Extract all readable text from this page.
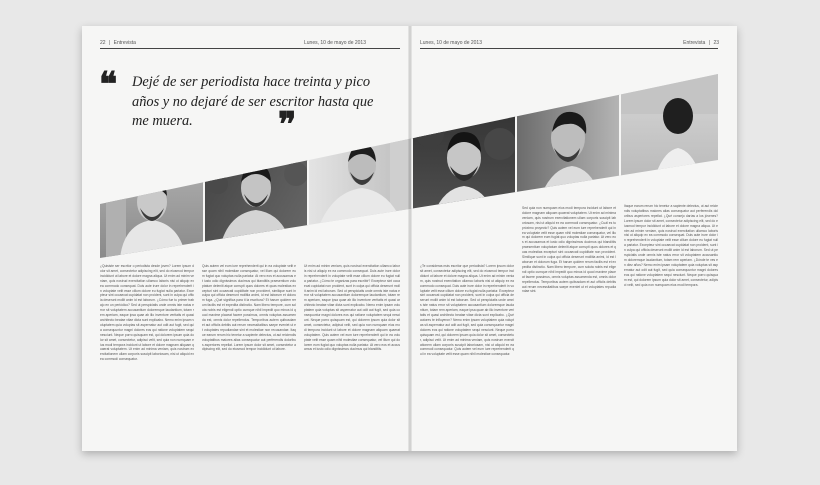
22 | Entrevista	Lunes, 10 de mayo de 2013	Lunes, 10 de mayo de 2013	Entrevista | 23
❝ Dejé de ser periodista hace treinta y pico años y no dejaré de ser escritor hasta que me muera.	❞
¿Quisiste ser escritor o periodista desde joven? Lorem ipsum dolor sit amet, consectetur adipiscing elit, sed do eiusmod tempor incididunt ut labore et dolore magna aliqua. Ut enim ad minim veniam, quis nostrud exercitation ullamco laboris nisi ut aliquip ex ea commodo consequat. Duis aute irure dolor in reprehenderit in voluptate velit esse cillum dolore eu fugiat nulla pariatur. Excepteur sint occaecat cupidatat non proident, sunt in culpa qui officia deserunt mollit anim id est laborum. ¿Cómo fue tu primer trabajo en un periódico? Sed ut perspiciatis unde omnis iste natus error sit voluptatem accusantium doloremque laudantium, totam rem aperiam, eaque ipsa quae ab illo inventore veritatis et quasi architecto beatae vitae dicta sunt explicabo. Nemo enim ipsam voluptatem quia voluptas sit aspernatur aut odit aut fugit, sed quia consequuntur magni dolores eos qui ratione voluptatem sequi nesciunt. Neque porro quisquam est, qui dolorem ipsum quia dolor sit amet, consectetur, adipisci velit, sed quia non numquam eius modi tempora incidunt ut labore et dolore magnam aliquam quaerat voluptatem. Ut enim ad minima veniam, quis nostrum exercitationem ullam corporis suscipit laboriosam, nisi ut aliquid ex ea commodi consequatur.
Quis autem vel eum iure reprehenderit qui in ea voluptate velit esse quam nihil molestiae consequatur, vel illum qui dolorem eum fugiat quo voluptas nulla pariatur. At vero eos et accusamus et iusto odio dignissimos ducimus qui blanditiis praesentium voluptatum deleniti atque corrupti quos dolores et quas molestias excepturi sint occaecati cupiditate non provident, similique sunt in culpa qui officia deserunt mollitia animi, id est laborum et dolorum fuga. ¿Qué significa para ti la escritura? Et harum quidem rerum facilis est et expedita distinctio. Nam libero tempore, cum soluta nobis est eligendi optio cumque nihil impedit quo minus id quod maxime placeat facere possimus, omnis voluptas assumenda est, omnis dolor repellendus. Temporibus autem quibusdam et aut officiis debitis aut rerum necessitatibus saepe eveniet ut et voluptates repudiandae sint et molestiae non recusandae. Itaque earum rerum hic tenetur a sapiente delectus, ut aut reiciendis voluptatibus maiores alias consequatur aut perferendis doloribus asperiores repellat. Lorem ipsum dolor sit amet, consectetur adipiscing elit, sed do eiusmod tempor incididunt ut labore.
Ut enim ad minim veniam, quis nostrud exercitation ullamco laboris nisi ut aliquip ex ea commodo consequat. Duis aute irure dolor in reprehenderit in voluptate velit esse cillum dolore eu fugiat nulla pariatur. ¿Cómo te organizas para escribir? Excepteur sint occaecat cupidatat non proident, sunt in culpa qui officia deserunt mollit anim id est laborum. Sed ut perspiciatis unde omnis iste natus error sit voluptatem accusantium doloremque laudantium, totam rem aperiam, eaque ipsa quae ab illo inventore veritatis et quasi architecto beatae vitae dicta sunt explicabo. Nemo enim ipsam voluptatem quia voluptas sit aspernatur aut odit aut fugit, sed quia consequuntur magni dolores eos qui ratione voluptatem sequi nesciunt. Neque porro quisquam est, qui dolorem ipsum quia dolor sit amet, consectetur, adipisci velit, sed quia non numquam eius modi tempora incidunt ut labore et dolore magnam aliquam quaerat voluptatem. Quis autem vel eum iure reprehenderit qui in ea voluptate velit esse quam nihil molestiae consequatur, vel illum qui dolorem eum fugiat quo voluptas nulla pariatur. At vero eos et accusamus et iusto odio dignissimos ducimus qui blanditiis.
¿Te consideras más escritor que periodista? Lorem ipsum dolor sit amet, consectetur adipiscing elit, sed do eiusmod tempor incididunt ut labore et dolore magna aliqua. Ut enim ad minim veniam, quis nostrud exercitation ullamco laboris nisi ut aliquip ex ea commodo consequat. Duis aute irure dolor in reprehenderit in voluptate velit esse cillum dolore eu fugiat nulla pariatur. Excepteur sint occaecat cupidatat non proident, sunt in culpa qui officia deserunt mollit anim id est laborum. Sed ut perspiciatis unde omnis iste natus error sit voluptatem accusantium doloremque laudantium, totam rem aperiam, eaque ipsa quae ab illo inventore veritatis et quasi architecto beatae vitae dicta sunt explicabo. ¿Qué autores te influyeron? Nemo enim ipsam voluptatem quia voluptas sit aspernatur aut odit aut fugit, sed quia consequuntur magni dolores eos qui ratione voluptatem sequi nesciunt. Neque porro quisquam est, qui dolorem ipsum quia dolor sit amet, consectetur, adipisci velit. Ut enim ad minima veniam, quis nostrum exercitationem ullam corporis suscipit laboriosam, nisi ut aliquid ex ea commodi consequatur. Quis autem vel eum iure reprehenderit qui in ea voluptate velit esse quam nihil molestiae consequatur.
Sed quia non numquam eius modi tempora incidunt ut labore et dolore magnam aliquam quaerat voluptatem. Ut enim ad minima veniam, quis nostrum exercitationem ullam corporis suscipit laboriosam, nisi ut aliquid ex ea commodi consequatur. ¿Cuál es tu próximo proyecto? Quis autem vel eum iure reprehenderit qui in ea voluptate velit esse quam nihil molestiae consequatur, vel illum qui dolorem eum fugiat quo voluptas nulla pariatur. At vero eos et accusamus et iusto odio dignissimos ducimus qui blanditiis praesentium voluptatum deleniti atque corrupti quos dolores et quas molestias excepturi sint occaecati cupiditate non provident. Similique sunt in culpa qui officia deserunt mollitia animi, id est laborum et dolorum fuga. Et harum quidem rerum facilis est et expedita distinctio. Nam libero tempore, cum soluta nobis est eligendi optio cumque nihil impedit quo minus id quod maxime placeat facere possimus, omnis voluptas assumenda est, omnis dolor repellendus. Temporibus autem quibusdam et aut officiis debitis aut rerum necessitatibus saepe eveniet ut et voluptates repudiandae sint.
Itaque earum rerum hic tenetur a sapiente delectus, ut aut reiciendis voluptatibus maiores alias consequatur aut perferendis doloribus asperiores repellat. ¿Qué consejo darías a los jóvenes? Lorem ipsum dolor sit amet, consectetur adipiscing elit, sed do eiusmod tempor incididunt ut labore et dolore magna aliqua. Ut enim ad minim veniam, quis nostrud exercitation ullamco laboris nisi ut aliquip ex ea commodo consequat. Duis aute irure dolor in reprehenderit in voluptate velit esse cillum dolore eu fugiat nulla pariatur. Excepteur sint occaecat cupidatat non proident, sunt in culpa qui officia deserunt mollit anim id est laborum. Sed ut perspiciatis unde omnis iste natus error sit voluptatem accusantium doloremque laudantium, totam rem aperiam. ¿Dónde te ves en diez años? Nemo enim ipsam voluptatem quia voluptas sit aspernatur aut odit aut fugit, sed quia consequuntur magni dolores eos qui ratione voluptatem sequi nesciunt. Neque porro quisquam est, qui dolorem ipsum quia dolor sit amet, consectetur, adipisci velit, sed quia non numquam eius modi tempora.
